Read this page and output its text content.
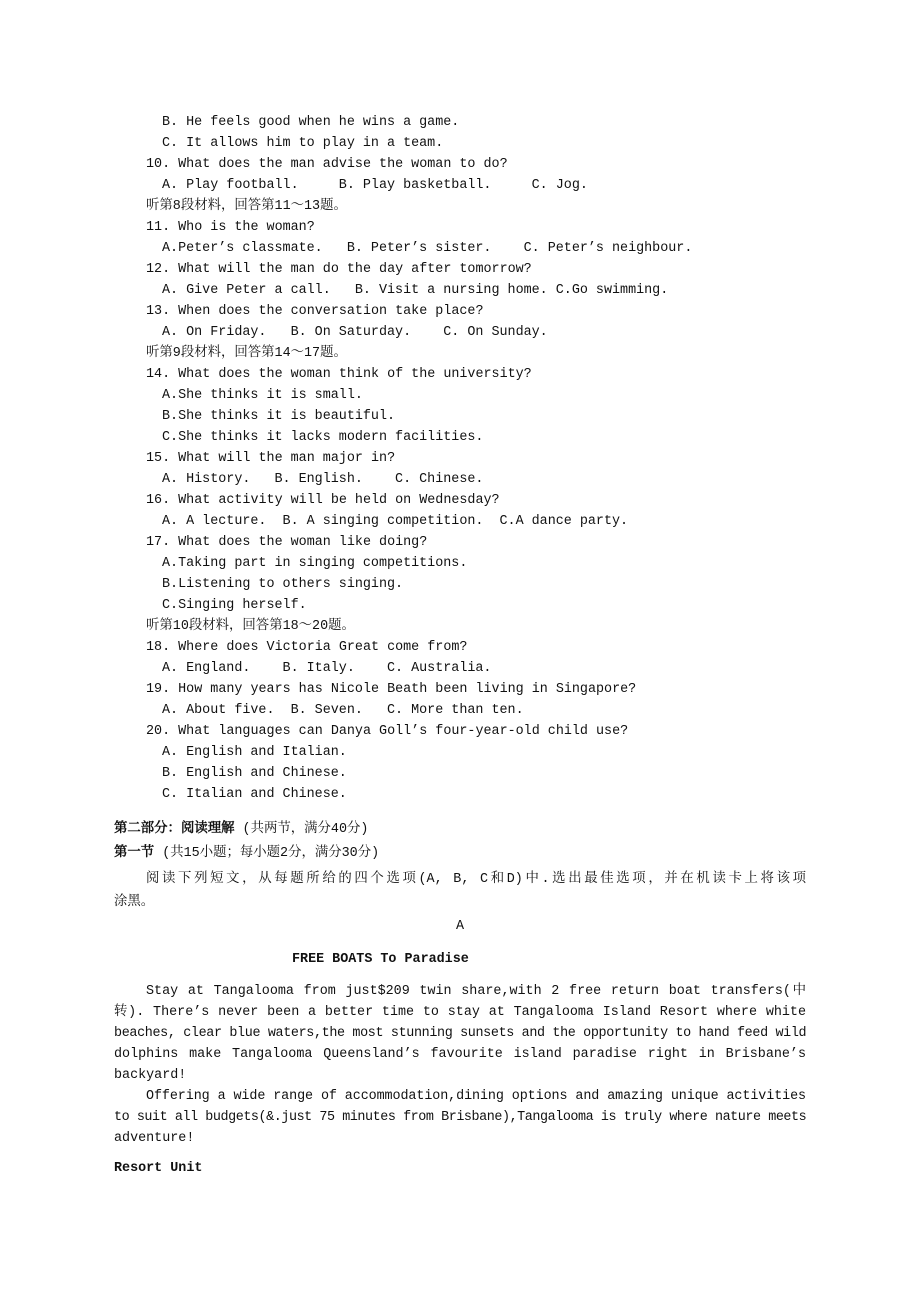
第二部分：阅读理解 (共两节，满分40分)
第一节 (共15小题；每小题2分，满分30分)
阅读下列短文，从每题所给的四个选项(A, B, C和D)中.选出最佳选项，并在机读卡上将该项
涂黑。
A
FREE BOATS To Paradise
Resort Unit
B. He feels good when he wins a game.
C. It allows him to play in a team.
10. What does the man advise the woman to do?
A. Play football.     B. Play basketball.     C. Jog.
听第8段材料，回答第11～13题。
11. Who is the woman?
A.Peter’s classmate.   B. Peter’s sister.    C. Peter’s neighbour.
12. What will the man do the day after tomorrow?
A. Give Peter a call.   B. Visit a nursing home. C.Go swimming.
13. When does the conversation take place?
A. On Friday.   B. On Saturday.    C. On Sunday.
听第9段材料，回答第14～17题。
14. What does the woman think of the university?
A.She thinks it is small.
B.She thinks it is beautiful.
C.She thinks it lacks modern facilities.
15. What will the man major in?
A. History.   B. English.    C. Chinese.
16. What activity will be held on Wednesday?
A. A lecture.  B. A singing competition.  C.A dance party.
17. What does the woman like doing?
A.Taking part in singing competitions.
B.Listening to others singing.
C.Singing herself.
听第10段材料，回答第18～20题。
18. Where does Victoria Great come from?
A. England.    B. Italy.    C. Australia.
19. How many years has Nicole Beath been living in Singapore?
A. About five.  B. Seven.   C. More than ten.
20. What languages can Danya Goll’s four-year-old child use?
A. English and Italian.
B. English and Chinese.
C. Italian and Chinese.
Stay at Tangalooma from just$209 twin share,with 2 free return boat transfers(中
转). There’s never been a better time to stay at Tangalooma Island Resort where white
beaches, clear blue waters,the most stunning sunsets and the opportunity to hand feed wild
dolphins make Tangalooma Queensland’s favourite island paradise right in Brisbane’s
backyard!
Offering a wide range of accommodation,dining options and amazing unique activities
to suit all budgets(&.just 75 minutes from Brisbane),Tangalooma is truly where nature meets
adventure!
